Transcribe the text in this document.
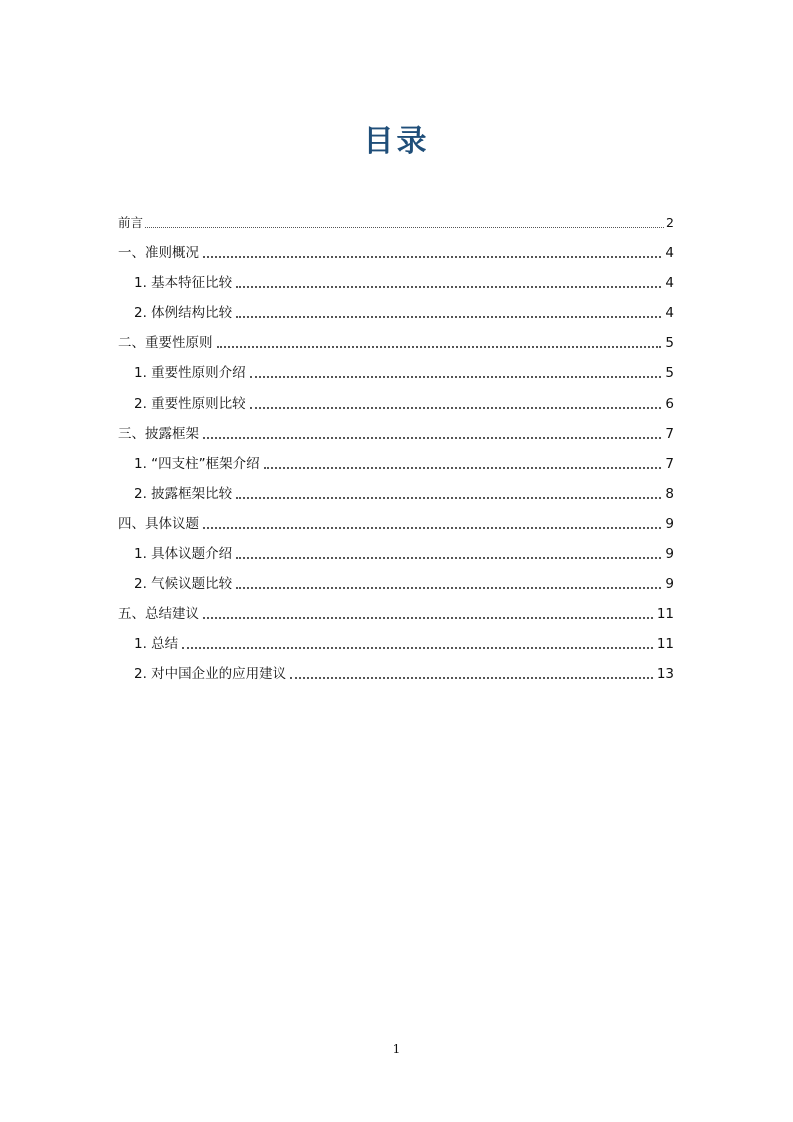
目录
前言	2
一、准则概况	4
1. 基本特征比较	4
2. 体例结构比较	4
二、重要性原则	5
1. 重要性原则介绍	5
2. 重要性原则比较	6
三、披露框架	7
1. “四支柱”框架介绍	7
2. 披露框架比较	8
四、具体议题	9
1. 具体议题介绍	9
2. 气候议题比较	9
五、总结建议	11
1. 总结	11
2. 对中国企业的应用建议	13
1
